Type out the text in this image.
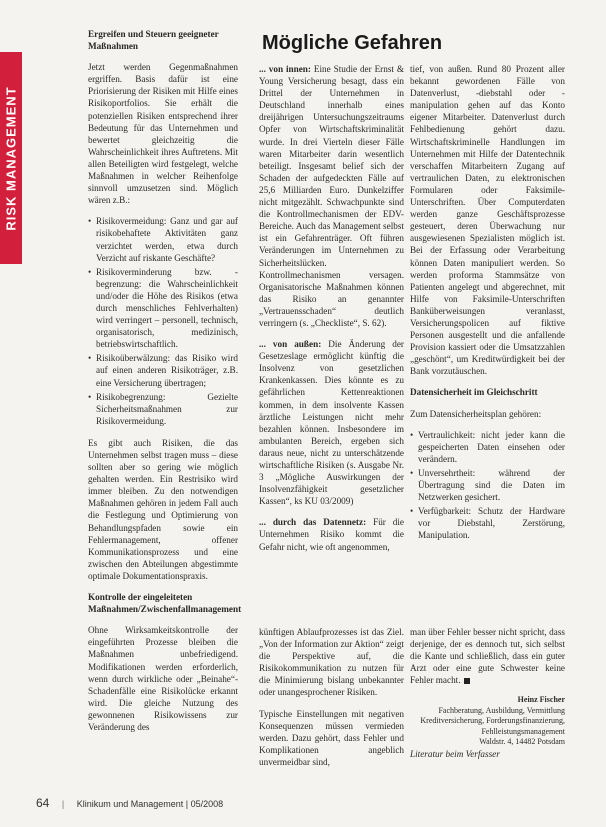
RISK MANAGEMENT
Mögliche Gefahren

Ergreifen und Steuern geeigneter Maßnahmen

Jetzt werden Gegenmaßnahmen ergriffen. Basis dafür ist eine Priorisierung der Risiken mit Hilfe eines Risikoportfolios. Sie erhält die potenziellen Risiken entsprechend ihrer Bedeutung für das Unternehmen und bewertet gleichzeitig die Wahrscheinlichkeit ihres Auftretens. Mit allen Beteiligten wird festgelegt, welche Maßnahmen in welcher Reihenfolge sinnvoll umzusetzen sind. Möglich wären z.B.:

• Risikovermeidung: Ganz und gar auf risikobehaftete Aktivitäten ganz verzichtet werden, etwa durch Verzicht auf riskante Geschäfte?
• Risikoverminderung bzw. -begrenzung: die Wahrscheinlichkeit und/oder die Höhe des Risikos (etwa durch menschliches Fehlverhalten) wird verringert – personell, technisch, organisatorisch, medizinisch, betriebswirtschaftlich.
• Risikoüberwälzung: das Risiko wird auf einen anderen Risikoträger, z.B. eine Versicherung übertragen;
• Risikobegrenzung: Gezielte Sicherheitsmaßnahmen zur Risikovermeidung.

Es gibt auch Risiken, die das Unternehmen selbst tragen muss – diese sollten aber so gering wie möglich gehalten werden. Ein Restrisiko wird immer bleiben. Zu den notwendigen Maßnahmen gehören in jedem Fall auch die Festlegung und Optimierung von Behandlungspfaden sowie ein Fehlermanagement, offener Kommunikationsprozess und eine zwischen den Abteilungen abgestimmte optimale Dokumentationspraxis.

Kontrolle der eingeleiteten Maßnahmen/Zwischenfallmanagement

Ohne Wirksamkeitskontrolle der eingeführten Prozesse bleiben die Maßnahmen unbefriedigend. Modifikationen werden erforderlich, wenn durch wirkliche oder „Beinahe“-Schadenfälle eine Risikolücke erkannt wird. Die gleiche Nutzung des gewonnenen Risikowissens zur Veränderung des

... von innen: Eine Studie der Ernst & Young Versicherung besagt, dass ein Drittel der Unternehmen in Deutschland innerhalb eines dreijährigen Untersuchungszeitraums Opfer von Wirtschaftskriminalität wurde. In drei Vierteln dieser Fälle waren Mitarbeiter darin wesentlich beteiligt. Insgesamt belief sich der Schaden der aufgedeckten Fälle auf 25,6 Milliarden Euro. Dunkelziffer nicht mitgezählt. Schwachpunkte sind die Kontrollmechanismen der EDV-Bereiche. Auch das Management selbst ist ein Gefahrenträger. Oft führen Veränderungen im Unternehmen zu Sicherheitslücken. Kontrollmechanismen versagen. Organisatorische Maßnahmen können das Risiko an genannter „Vertrauensschaden“ deutlich verringern (s. „Checkliste“, S. 62).

... von außen: Die Änderung der Gesetzeslage ermöglicht künftig die Insolvenz von gesetzlichen Krankenkassen. Dies könnte es zu gefährlichen Kettenreaktionen kommen, in dem insolvente Kassen ärztliche Leistungen nicht mehr bezahlen können. Insbesondere im ambulanten Bereich, ergeben sich daraus neue, nicht zu unterschätzende wirtschaftliche Risiken (s. Ausgabe Nr. 3 „Mögliche Auswirkungen der Insolvenzfähigkeit gesetzlicher Kassen“, ks KU 03/2009)

... durch das Datennetz: Für die Unternehmen Risiko kommt die Gefahr nicht, wie oft angenommen,

tief, von außen. Rund 80 Prozent aller bekannt gewordenen Fälle von Datenverlust, -diebstahl oder -manipulation gehen auf das Konto eigener Mitarbeiter. Datenverlust durch Fehlbedienung gehört dazu. Wirtschaftskriminelle Handlungen im Unternehmen mit Hilfe der Datentechnik verschaffen Mitarbeitern Zugang auf vertraulichen Daten, zu elektronischen Formularen oder Faksimile-Unterschriften. Über Computerdaten werden ganze Geschäftsprozesse gesteuert, deren Überwachung nur ausgewiesenen Spezialisten möglich ist. Bei der Erfassung oder Verarbeitung können Daten manipuliert werden. So werden proforma Stammsätze von Patienten angelegt und abgerechnet, mit Hilfe von Faksimile-Unterschriften Banküberweisungen veranlasst, Versicherungspolicen auf fiktive Personen ausgestellt und die anfallende Provision kassiert oder die Umsatzzahlen „geschönt“, um Kreditwürdigkeit bei der Bank vorzutäuschen.

Datensicherheit im Gleichschritt

Zum Datensicherheitsplan gehören:

• Vertraulichkeit: nicht jeder kann die gespeicherten Daten einsehen oder verändern.
• Unversehrtheit: während der Übertragung sind die Daten im Netzwerken gesichert.
• Verfügbarkeit: Schutz der Hardware vor Diebstahl, Zerstörung, Manipulation.

künftigen Ablaufprozesses ist das Ziel. „Von der Information zur Aktion“ zeigt die Perspektive auf, die Risikokommunikation zu nutzen für die Minimierung bislang unbekannter oder unangesprochener Risiken.

Typische Einstellungen mit negativen Konsequenzen müssen vermieden werden. Dazu gehört, dass Fehler und Komplikationen angeblich unvermeidbar sind,

man über Fehler besser nicht spricht, dass derjenige, der es dennoch tut, sich selbst die Kante und schließlich, dass ein guter Arzt oder eine gute Schwester keine Fehler macht.

Heinz Fischer
Fachberatung, Ausbildung, Vermittlung
Kreditversicherung, Forderungsfinanzierung, Fehlleistungsmanagement
Waldstr. 4, 14482 Potsdam

Literatur beim Verfasser

64 | Klinikum und Management | 05/2008
